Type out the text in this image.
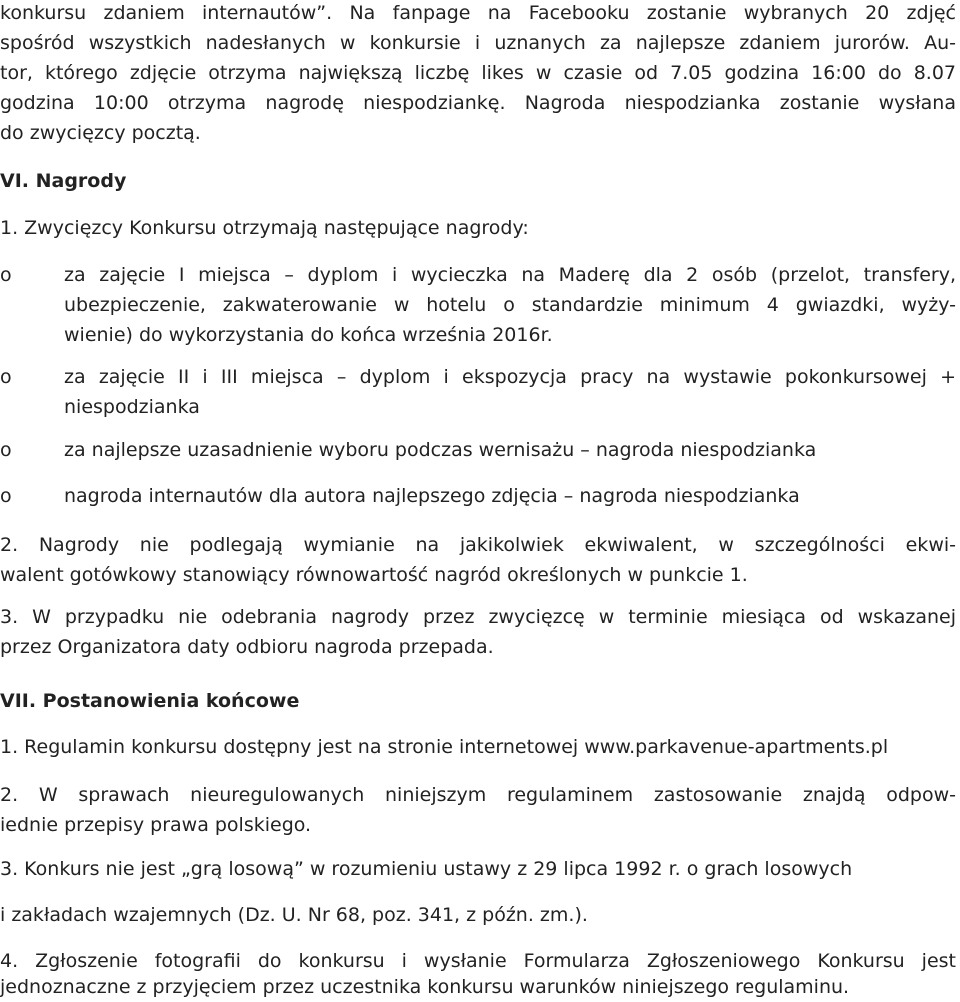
konkursu zdaniem internautów”. Na fanpage na Facebooku zostanie wybranych 20 zdjęć

spośród wszystkich nadesłanych w konkursie i uznanych za najlepsze zdaniem jurorów. Au-

tor, którego zdjęcie otrzyma największą liczbę likes w czasie od 7.05 godzina 16:00 do 8.07

godzina 10:00 otrzyma nagrodę niespodziankę. Nagroda niespodzianka zostanie wysłana

do zwycięzcy pocztą.

VI. Nagrody

1. Zwycięzcy Konkursu otrzymają następujące nagrody:

o	za zajęcie I miejsca – dyplom i wycieczka na Maderę dla 2 osób (przelot, transfery,
ubezpieczenie, zakwaterowanie w hotelu o standardzie minimum 4 gwiazdki, wyży-
wienie) do wykorzystania do końca września 2016r.
o	za zajęcie II i III miejsca – dyplom i ekspozycja pracy na wystawie pokonkursowej +
niespodzianka
o	za najlepsze uzasadnienie wyboru podczas wernisażu – nagroda niespodzianka
o	nagroda internautów dla autora najlepszego zdjęcia – nagroda niespodzianka

2. Nagrody nie podlegają wymianie na jakikolwiek ekwiwalent, w szczególności ekwi-

walent gotówkowy stanowiący równowartość nagród określonych w punkcie 1.

3. W przypadku nie odebrania nagrody przez zwycięzcę w terminie miesiąca od wskazanej

przez Organizatora daty odbioru nagroda przepada.

VII. Postanowienia końcowe

1. Regulamin konkursu dostępny jest na stronie internetowej www.parkavenue-apartments.pl

2. W sprawach nieuregulowanych niniejszym regulaminem zastosowanie znajdą odpow-

iednie przepisy prawa polskiego.

3. Konkurs nie jest „grą losową” w rozumieniu ustawy z 29 lipca 1992 r. o grach losowych

i zakładach wzajemnych (Dz. U. Nr 68, poz. 341, z późn. zm.).

4. Zgłoszenie fotografii do konkursu i wysłanie Formularza Zgłoszeniowego Konkursu jest

jednoznaczne z przyjęciem przez uczestnika konkursu warunków niniejszego regulaminu.
